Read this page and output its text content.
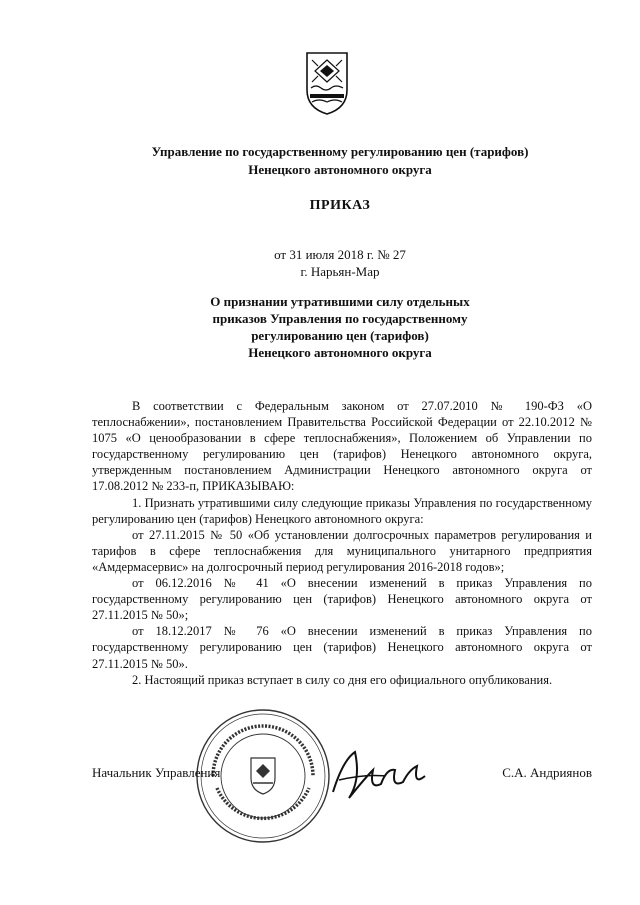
Управление по государственному регулированию цен (тарифов)
Ненецкого автономного округа
ПРИКАЗ
от 31 июля 2018 г. № 27
г. Нарьян-Мар
О признании утратившими силу отдельных
приказов Управления по государственному
регулированию цен (тарифов)
Ненецкого автономного округа

В соответствии с Федеральным законом от 27.07.2010 № 190-ФЗ «О теплоснабжении», постановлением Правительства Российской Федерации от 22.10.2012 № 1075 «О ценообразовании в сфере теплоснабжения», Положением об Управлении по государственному регулированию цен (тарифов) Ненецкого автономного округа, утвержденным постановлением Администрации Ненецкого автономного округа от 17.08.2012 № 233-п, ПРИКАЗЫВАЮ:

1. Признать утратившими силу следующие приказы Управления по государственному регулированию цен (тарифов) Ненецкого автономного округа:

от 27.11.2015 № 50 «Об установлении долгосрочных параметров регулирования и тарифов в сфере теплоснабжения для муниципального унитарного предприятия «Амдермасервис» на долгосрочный период регулирования 2016-2018 годов»;

от 06.12.2016 № 41 «О внесении изменений в приказ Управления по государственному регулированию цен (тарифов) Ненецкого автономного округа от 27.11.2015 № 50»;

от 18.12.2017 № 76 «О внесении изменений в приказ Управления по государственному регулированию цен (тарифов) Ненецкого автономного округа от 27.11.2015 № 50».

2. Настоящий приказ вступает в силу со дня его официального опубликования.

Начальник Управления	С.А. Андриянов
